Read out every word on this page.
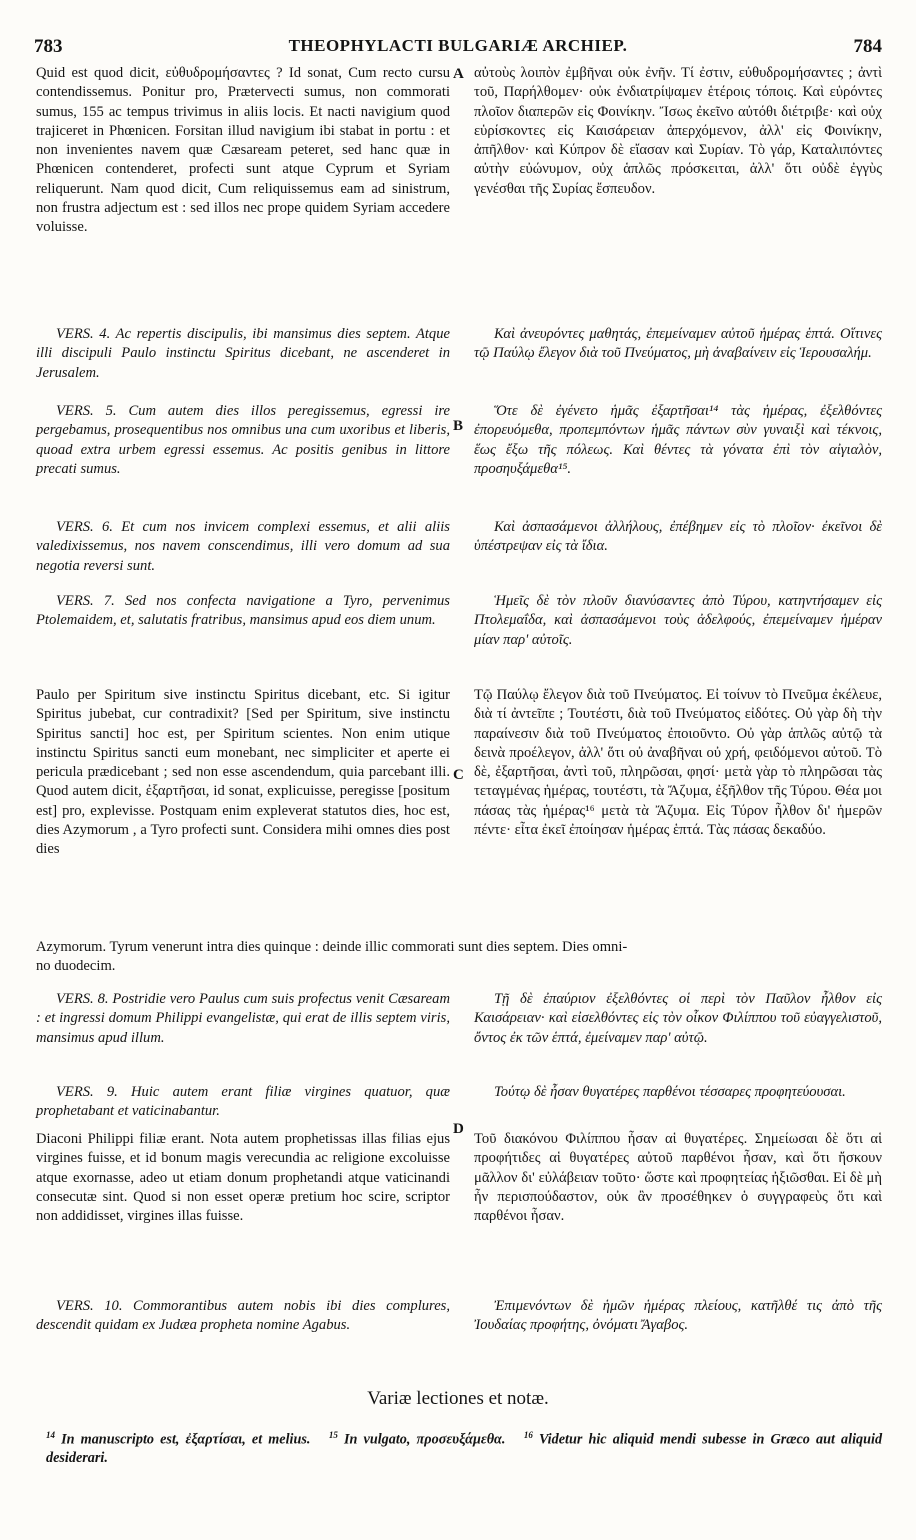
783	THEOPHYLACTI BULGARIÆ ARCHIEP.	784
A
B
C
D

Quid est quod dicit, εὐθυδρομήσαντες ? Id sonat, Cum recto cursu contendissemus. Ponitur pro, Prætervecti sumus, non commorati sumus, 155 ac tempus trivimus in aliis locis. Et nacti navigium quod trajiceret in Phœnicen. Forsitan illud navigium ibi stabat in portu : et non invenientes navem quæ Cæsaream peteret, sed hanc quæ in Phœnicen contenderet, profecti sunt atque Cyprum et Syriam reliquerunt. Nam quod dicit, Cum reliquissemus eam ad sinistrum, non frustra adjectum est : sed illos nec prope quidem Syriam accedere voluisse.

VERS. 4. Ac repertis discipulis, ibi mansimus dies septem. Atque illi discipuli Paulo instinctu Spiritus dicebant, ne ascenderet in Jerusalem.

VERS. 5. Cum autem dies illos peregissemus, egressi ire pergebamus, prosequentibus nos omnibus una cum uxoribus et liberis, quoad extra urbem egressi essemus. Ac positis genibus in littore precati sumus.

VERS. 6. Et cum nos invicem complexi essemus, et alii aliis valedixissemus, nos navem conscendimus, illi vero domum ad sua negotia reversi sunt.

VERS. 7. Sed nos confecta navigatione a Tyro, pervenimus Ptolemaidem, et, salutatis fratribus, mansimus apud eos diem unum.

Paulo per Spiritum sive instinctu Spiritus dicebant, etc. Si igitur Spiritus jubebat, cur contradixit? [Sed per Spiritum, sive instinctu Spiritus sancti] hoc est, per Spiritum scientes. Non enim utique instinctu Spiritus sancti eum monebant, nec simpliciter et aperte ei pericula prædicebant ; sed non esse ascendendum, quia parcebant illi. Quod autem dicit, ἐξαρτῆσαι, id sonat, explicuisse, peregisse [positum est] pro, explevisse. Postquam enim expleverat statutos dies, hoc est, dies Azymorum , a Tyro profecti sunt. Considera mihi omnes dies post dies

Azymorum. Tyrum venerunt intra dies quinque : deinde illic commorati sunt dies septem. Dies omni-

no duodecim.

VERS. 8. Postridie vero Paulus cum suis profectus venit Cæsaream : et ingressi domum Philippi evangelistæ, qui erat de illis septem viris, mansimus apud illum.

VERS. 9. Huic autem erant filiæ virgines quatuor, quæ prophetabant et vaticinabantur.

Diaconi Philippi filiæ erant. Nota autem prophetissas illas filias ejus virgines fuisse, et id bonum magis verecundia ac religione excoluisse atque exornasse, adeo ut etiam donum prophetandi atque vaticinandi consecutæ sint. Quod si non esset operæ pretium hoc scire, scriptor non addidisset, virgines illas fuisse.

VERS. 10. Commorantibus autem nobis ibi dies complures, descendit quidam ex Judæa propheta nomine Agabus.

αὐτοὺς λοιπὸν ἐμβῆναι οὐκ ἐνῆν. Τί ἐστιν, εὐθυδρομήσαντες ; ἀντὶ τοῦ, Παρήλθομεν· οὐκ ἐνδιατρίψαμεν ἑτέροις τόποις. Καὶ εὑρόντες πλοῖον διαπερῶν εἰς Φοινίκην. Ἴσως ἐκεῖνο αὐτόθι διέτριβε· καὶ οὐχ εὑρίσκοντες εἰς Καισάρειαν ἀπερχόμενον, ἀλλ' εἰς Φοινίκην, ἀπῆλθον· καὶ Κύπρον δὲ εἴασαν καὶ Συρίαν. Τὸ γάρ, Καταλιπόντες αὐτὴν εὐώνυμον, οὐχ ἁπλῶς πρόσκειται, ἀλλ' ὅτι οὐδὲ ἐγγὺς γενέσθαι τῆς Συρίας ἔσπευδον.

Καὶ ἀνευρόντες μαθητάς, ἐπεμείναμεν αὐτοῦ ἡμέρας ἑπτά. Οἵτινες τῷ Παύλῳ ἔλεγον διὰ τοῦ Πνεύματος, μὴ ἀναβαίνειν εἰς Ἱερουσαλήμ.

Ὅτε δὲ ἐγένετο ἡμᾶς ἐξαρτῆσαι¹⁴ τὰς ἡμέρας, ἐξελθόντες ἐπορευόμεθα, προπεμπόντων ἡμᾶς πάντων σὺν γυναιξὶ καὶ τέκνοις, ἕως ἔξω τῆς πόλεως. Καὶ θέντες τὰ γόνατα ἐπὶ τὸν αἰγιαλὸν, προσηυξάμεθα¹⁵.

Καὶ ἀσπασάμενοι ἀλλήλους, ἐπέβημεν εἰς τὸ πλοῖον· ἐκεῖνοι δὲ ὑπέστρεψαν εἰς τὰ ἴδια.

Ἡμεῖς δὲ τὸν πλοῦν διανύσαντες ἀπὸ Τύρου, κατηντήσαμεν εἰς Πτολεμαΐδα, καὶ ἀσπασάμενοι τοὺς ἀδελφούς, ἐπεμείναμεν ἡμέραν μίαν παρ' αὐτοῖς.

Τῷ Παύλῳ ἔλεγον διὰ τοῦ Πνεύματος. Εἰ τοίνυν τὸ Πνεῦμα ἐκέλευε, διὰ τί ἀντεῖπε ; Τουτέστι, διὰ τοῦ Πνεύματος εἰδότες. Οὐ γὰρ δὴ τὴν παραίνεσιν διὰ τοῦ Πνεύματος ἐποιοῦντο. Οὐ γὰρ ἁπλῶς αὐτῷ τὰ δεινὰ προέλεγον, ἀλλ' ὅτι οὐ ἀναβῆναι οὐ χρή, φειδόμενοι αὐτοῦ. Τὸ δὲ, ἐξαρτῆσαι, ἀντὶ τοῦ, πληρῶσαι, φησί· μετὰ γὰρ τὸ πληρῶσαι τὰς τεταγμένας ἡμέρας, τουτέστι, τὰ Ἄζυμα, ἐξῆλθον τῆς Τύρου. Θέα μοι πάσας τὰς ἡμέρας¹⁶ μετὰ τὰ Ἄζυμα. Εἰς Τύρον ἦλθον δι' ἡμερῶν πέντε· εἶτα ἐκεῖ ἐποίησαν ἡμέρας ἑπτά. Τὰς πάσας δεκαδύο.

Τῇ δὲ ἐπαύριον ἐξελθόντες οἱ περὶ τὸν Παῦλον ἦλθον εἰς Καισάρειαν· καὶ εἰσελθόντες εἰς τὸν οἶκον Φιλίππου τοῦ εὐαγγελιστοῦ, ὄντος ἐκ τῶν ἑπτά, ἐμείναμεν παρ' αὐτῷ.

Τούτῳ δὲ ἦσαν θυγατέρες παρθένοι τέσσαρες προφητεύουσαι.

Τοῦ διακόνου Φιλίππου ἦσαν αἱ θυγατέρες. Σημείωσαι δὲ ὅτι αἱ προφήτιδες αἱ θυγατέρες αὐτοῦ παρθένοι ἦσαν, καὶ ὅτι ἤσκουν μᾶλλον δι' εὐλάβειαν τοῦτο· ὥστε καὶ προφητείας ἠξιῶσθαι. Εἰ δὲ μὴ ἦν περισπούδαστον, οὐκ ἂν προσέθηκεν ὁ συγγραφεὺς ὅτι καὶ παρθένοι ἦσαν.

Ἐπιμενόντων δὲ ἡμῶν ἡμέρας πλείους, κατῆλθέ τις ἀπὸ τῆς Ἰουδαίας προφήτης, ὀνόματι Ἄγαβος.

Variæ lectiones et notæ.
$^{14}$ In manuscripto est, ἐξαρτίσαι, et melius. $^{15}$ In vulgato, προσευξάμεθα. $^{16}$ Videtur hic aliquid mendi subesse in Græco aut aliquid desiderari.
